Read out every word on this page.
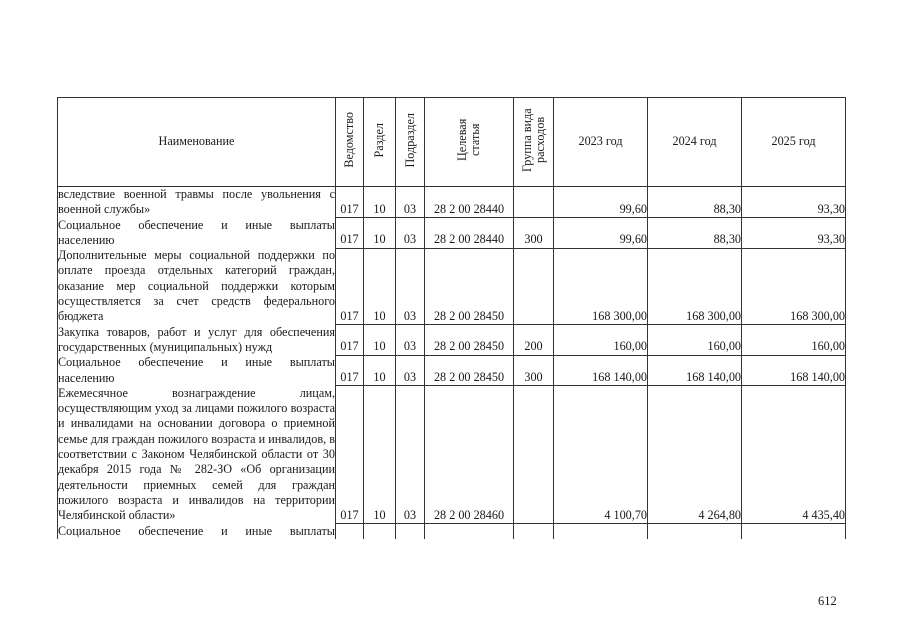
Наименование	Ведомство	Раздел	Подраздел	Целевая статья	Группа вида расходов	2023 год	2024 год	2025 год

вследствие военной травмы после увольнения с военной службы»	017	10	03	28 2 00 28440		99,60	88,30	93,30

Социальное обеспечение и иные выплаты населению	017	10	03	28 2 00 28440	300	99,60	88,30	93,30

Дополнительные меры социальной поддержки по оплате проезда отдельных категорий граждан, оказание мер социальной поддержки которым осуществляется за счет средств федерального бюджета	017	10	03	28 2 00 28450		168 300,00	168 300,00	168 300,00

Закупка товаров, работ и услуг для обеспечения государственных (муниципальных) нужд	017	10	03	28 2 00 28450	200	160,00	160,00	160,00

Социальное обеспечение и иные выплаты населению	017	10	03	28 2 00 28450	300	168 140,00	168 140,00	168 140,00

Ежемесячное вознаграждение лицам, осуществляющим уход за лицами пожилого возраста и инвалидами на основании договора о приемной семье для граждан пожилого возраста и инвалидов, в соответствии с Законом Челябинской области от 30 декабря 2015 года № 282-ЗО «Об организации деятельности приемных семей для граждан пожилого возраста и инвалидов на территории Челябинской области»	017	10	03	28 2 00 28460		4 100,70	4 264,80	4 435,40

Социальное обеспечение и иные выплаты								

612
